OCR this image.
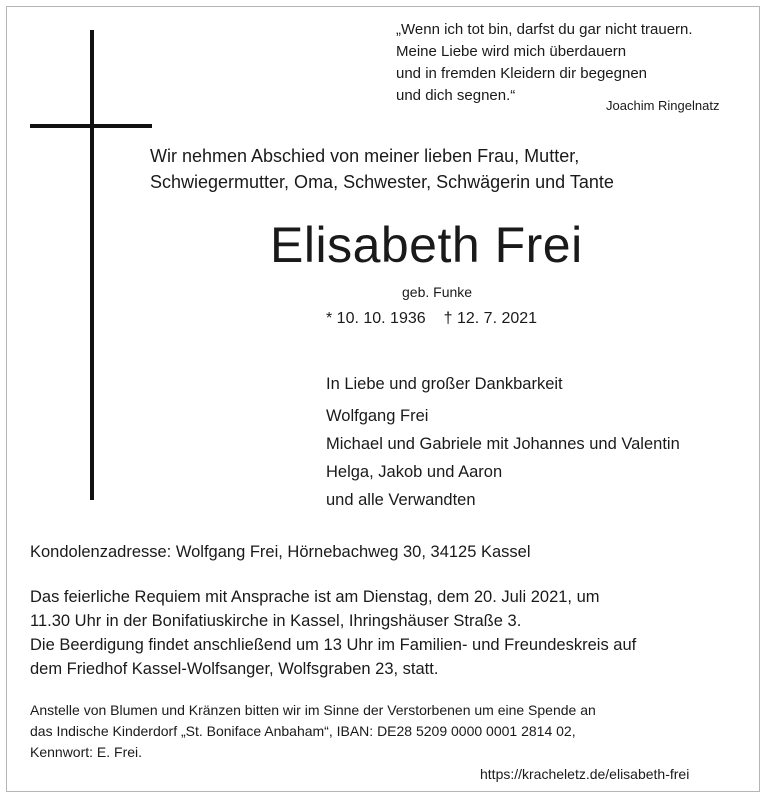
„Wenn ich tot bin, darfst du gar nicht trauern.
Meine Liebe wird mich überdauern
und in fremden Kleidern dir begegnen
und dich segnen.“
Joachim Ringelnatz
Wir nehmen Abschied von meiner lieben Frau, Mutter,
Schwiegermutter, Oma, Schwester, Schwägerin und Tante
Elisabeth Frei
geb. Funke
* 10. 10. 1936 † 12. 7. 2021
In Liebe und großer Dankbarkeit
Wolfgang Frei
Michael und Gabriele mit Johannes und Valentin
Helga, Jakob und Aaron
und alle Verwandten
Kondolenzadresse: Wolfgang Frei, Hörnebachweg 30, 34125 Kassel
Das feierliche Requiem mit Ansprache ist am Dienstag, dem 20. Juli 2021, um
11.30 Uhr in der Bonifatiuskirche in Kassel, Ihringshäuser Straße 3.
Die Beerdigung findet anschließend um 13 Uhr im Familien- und Freundeskreis auf
dem Friedhof Kassel-Wolfsanger, Wolfsgraben 23, statt.
Anstelle von Blumen und Kränzen bitten wir im Sinne der Verstorbenen um eine Spende an
das Indische Kinderdorf „St. Boniface Anbaham“, IBAN: DE28 5209 0000 0001 2814 02,
Kennwort: E. Frei.
https://kracheletz.de/elisabeth-frei
